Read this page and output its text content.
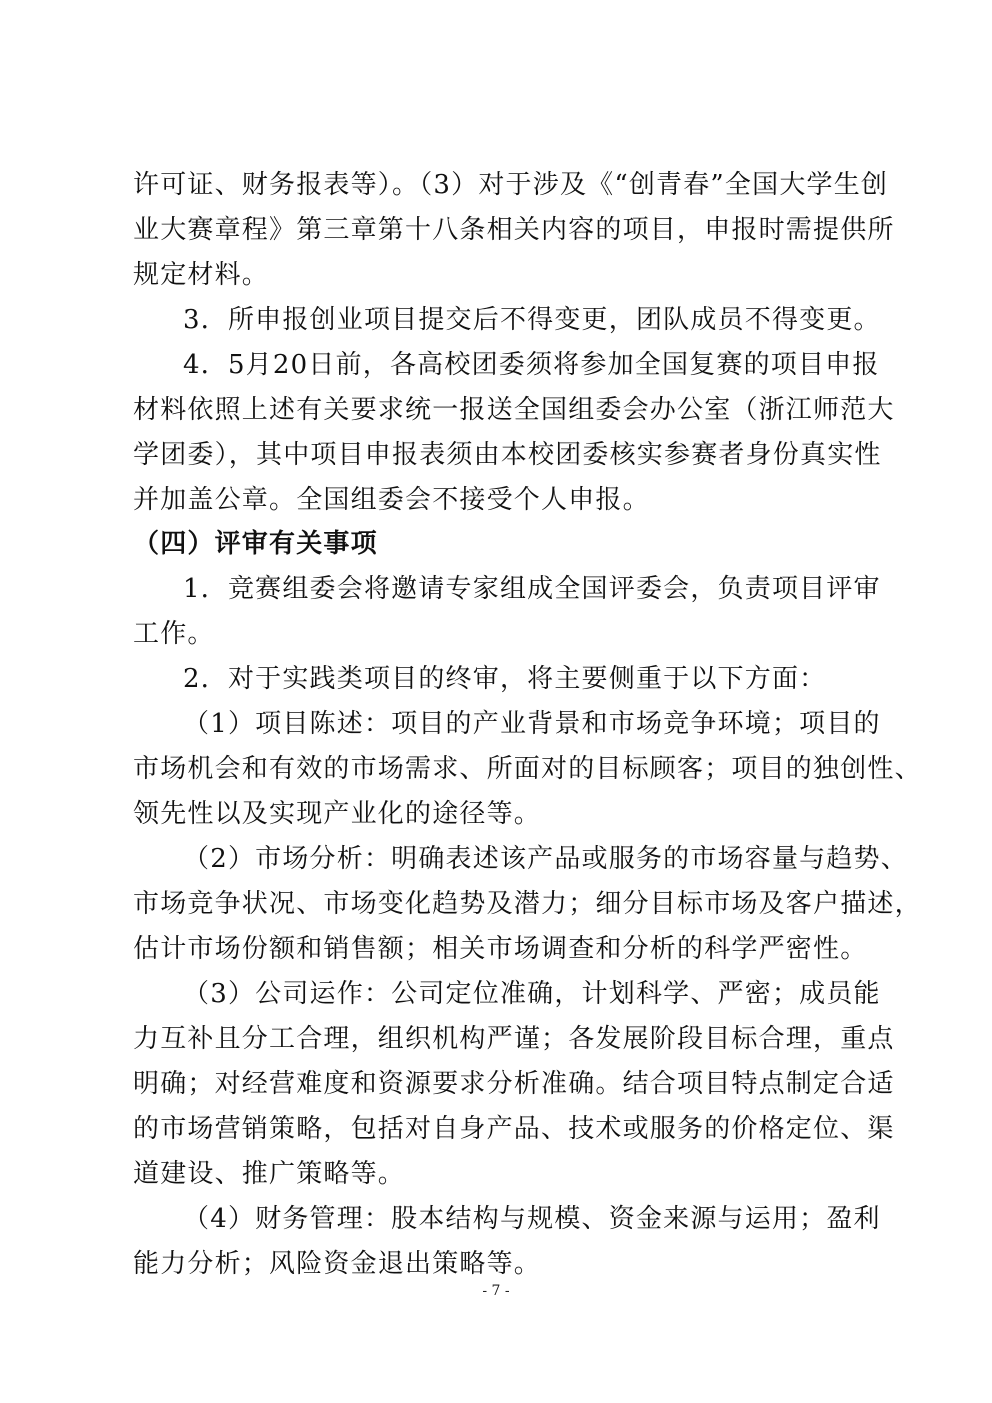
许可证、财务报表等）。（3）对于涉及《“创青春”全国大学生创
业大赛章程》第三章第十八条相关内容的项目，申报时需提供所
规定材料。
3．所申报创业项目提交后不得变更，团队成员不得变更。
4．5月20日前，各高校团委须将参加全国复赛的项目申报
材料依照上述有关要求统一报送全国组委会办公室（浙江师范大
学团委），其中项目申报表须由本校团委核实参赛者身份真实性
并加盖公章。全国组委会不接受个人申报。
（四）评审有关事项
1．竞赛组委会将邀请专家组成全国评委会，负责项目评审
工作。
2．对于实践类项目的终审，将主要侧重于以下方面：
（1）项目陈述：项目的产业背景和市场竞争环境；项目的
市场机会和有效的市场需求、所面对的目标顾客；项目的独创性、
领先性以及实现产业化的途径等。
（2）市场分析：明确表述该产品或服务的市场容量与趋势、
市场竞争状况、市场变化趋势及潜力；细分目标市场及客户描述，
估计市场份额和销售额；相关市场调查和分析的科学严密性。
（3）公司运作：公司定位准确，计划科学、严密；成员能
力互补且分工合理，组织机构严谨；各发展阶段目标合理，重点
明确；对经营难度和资源要求分析准确。结合项目特点制定合适
的市场营销策略，包括对自身产品、技术或服务的价格定位、渠
道建设、推广策略等。
（4）财务管理：股本结构与规模、资金来源与运用；盈利
能力分析；风险资金退出策略等。
- 7 -
